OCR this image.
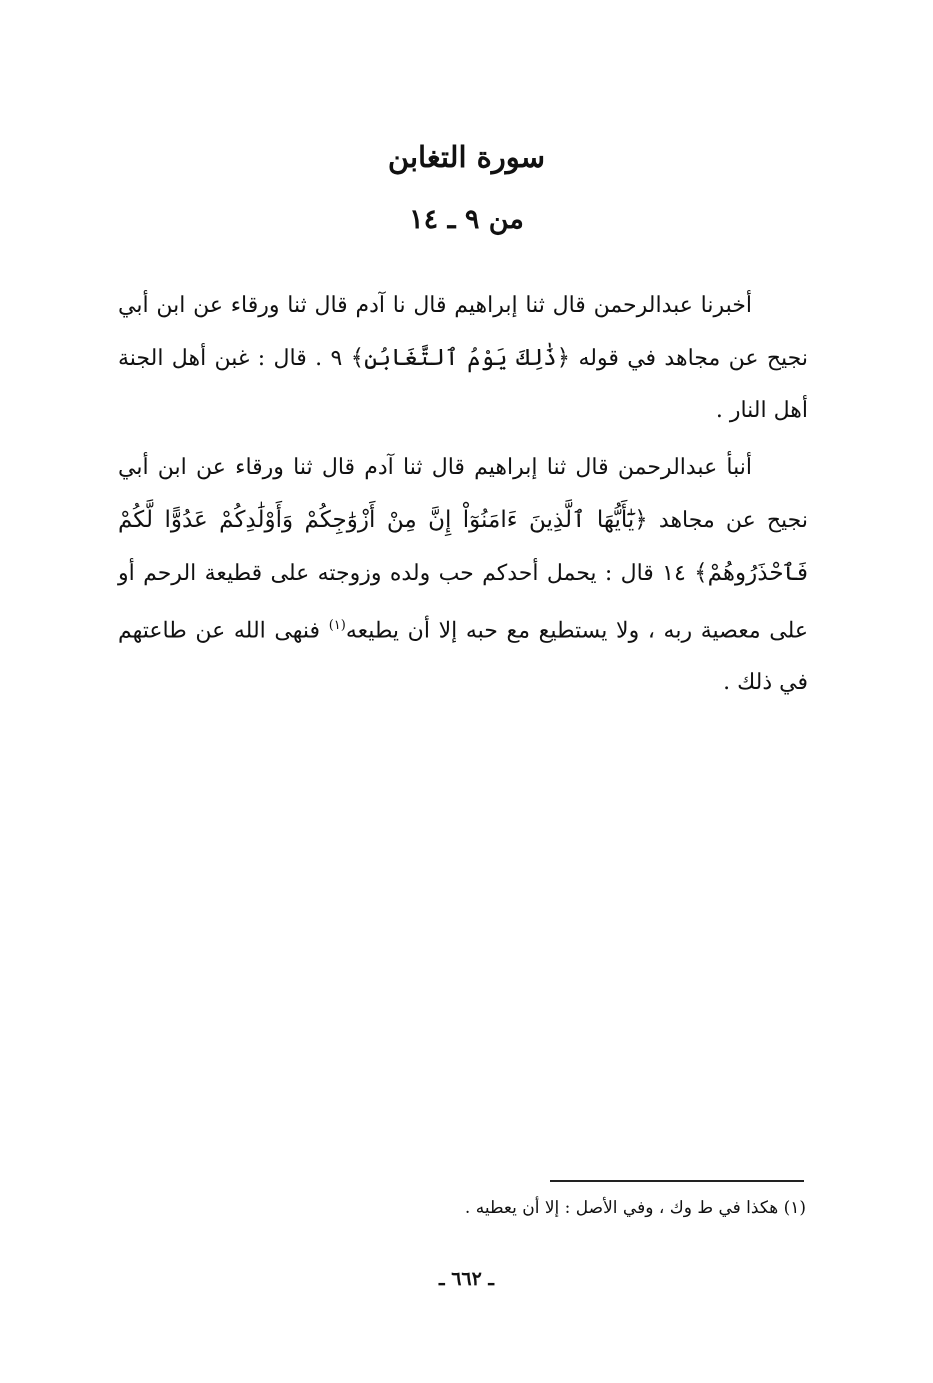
سورة التغابن
من ٩ ـ ١٤

أخبرنا عبدالرحمن قال ثنا إبراهيم قال نا آدم قال ثنا ورقاء عن ابن أبي نجيح عن مجاهد في قوله ﴿ذَٰلِكَ يَوْمُ ٱلتَّغَابُنِ﴾ ٩ . قال : غبن أهل الجنة أهل النار .

أنبأ عبدالرحمن قال ثنا إبراهيم قال ثنا آدم قال ثنا ورقاء عن ابن أبي نجيح عن مجاهد ﴿يَٰٓأَيُّهَا ٱلَّذِينَ ءَامَنُوٓاْ إِنَّ مِنْ أَزْوَٰجِكُمْ وَأَوْلَٰدِكُمْ عَدُوًّا لَّكُمْ فَٱحْذَرُوهُمْ﴾ ١٤ قال : يحمل أحدكم حب ولده وزوجته على قطيعة الرحم أو على معصية ربه ، ولا يستطيع مع حبه إلا أن يطيعه$^{(١)}$ فنهى الله عن طاعتهم في ذلك .

(١) هكذا في ط وك ، وفي الأصل : إلا أن يعطيه .

ـ ٦٦٢ ـ
